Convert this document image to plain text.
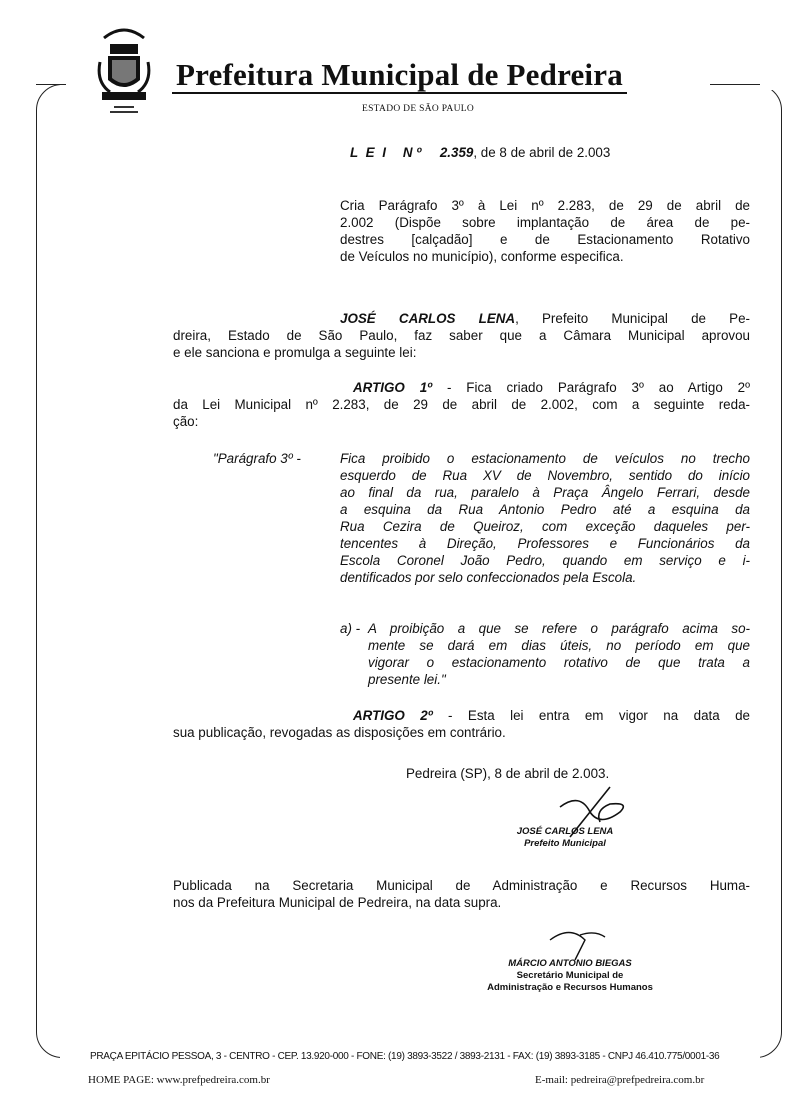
Prefeitura Municipal de Pedreira
ESTADO DE SÃO PAULO
L E I N º 2.359, de 8 de abril de 2.003
Cria Parágrafo 3º à Lei nº 2.283, de 29 de abril de
2.002 (Dispõe sobre implantação de área de pe-
destres [calçadão] e de Estacionamento Rotativo
de Veículos no município), conforme especifica.
JOSÉ CARLOS LENA, Prefeito Municipal de Pe-
dreira, Estado de São Paulo, faz saber que a Câmara Municipal aprovou
e ele sanciona e promulga a seguinte lei:
ARTIGO 1º - Fica criado Parágrafo 3º ao Artigo 2º
da Lei Municipal nº 2.283, de 29 de abril de 2.002, com a seguinte reda-
ção:
"Parágrafo 3º -	Fica proibido o estacionamento de veículos no trecho
esquerdo de Rua XV de Novembro, sentido do início
ao final da rua, paralelo à Praça Ângelo Ferrari, desde
a esquina da Rua Antonio Pedro até a esquina da
Rua Cezira de Queiroz, com exceção daqueles per-
tencentes à Direção, Professores e Funcionários da
Escola Coronel João Pedro, quando em serviço e i-
dentificados por selo confeccionados pela Escola.
a) - A proibição a que se refere o parágrafo acima so-
mente se dará em dias úteis, no período em que
vigorar o estacionamento rotativo de que trata a
presente lei."
ARTIGO 2º - Esta lei entra em vigor na data de
sua publicação, revogadas as disposições em contrário.
Pedreira (SP), 8 de abril de 2.003.
JOSÉ CARLOS LENA
Prefeito Municipal
Publicada na Secretaria Municipal de Administração e Recursos Huma-
nos da Prefeitura Municipal de Pedreira, na data supra.
MÁRCIO ANTONIO BIEGAS
Secretário Municipal de
Administração e Recursos Humanos
PRAÇA EPITÁCIO PESSOA, 3 - CENTRO - CEP. 13.920-000 - FONE: (19) 3893-3522 / 3893-2131 - FAX: (19) 3893-3185 - CNPJ 46.410.775/0001-36
HOME PAGE: www.prefpedreira.com.br	E-mail: pedreira@prefpedreira.com.br
